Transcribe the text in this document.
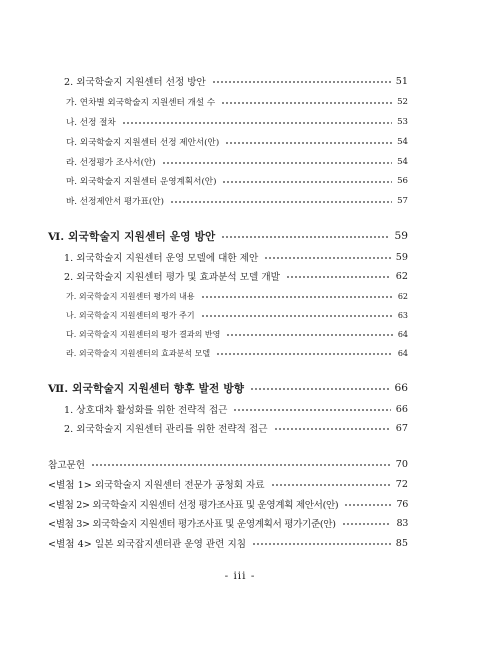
2. 외국학술지 지원센터 선정 방안	51
가. 연차별 외국학술지 지원센터 개설 수	52
나. 선정 절차	53
다. 외국학술지 지원센터 선정 제안서(안)	54
라. 선정평가 조사서(안)	54
마. 외국학술지 지원센터 운영계획서(안)	56
바. 선정제안서 평가표(안)	57
Ⅵ. 외국학술지 지원센터 운영 방안	59
1. 외국학술지 지원센터 운영 모델에 대한 제안	59
2. 외국학술지 지원센터 평가 및 효과분석 모델 개발	62
가. 외국학술지 지원센터 평가의 내용	62
나. 외국학술지 지원센터의 평가 주기	63
다. 외국학술지 지원센터의 평가 결과의 반영	64
라. 외국학술지 지원센터의 효과분석 모델	64
Ⅶ. 외국학술지 지원센터 향후 발전 방향	66
1. 상호대차 활성화를 위한 전략적 접근	66
2. 외국학술지 지원센터 관리를 위한 전략적 접근	67
참고문헌	70
<별첨 1> 외국학술지 지원센터 전문가 공청회 자료	72
<별첨 2> 외국학술지 지원센터 선정 평가조사표 및 운영계획 제안서(안)	76
<별첨 3> 외국학술지 지원센터 평가조사표 및 운영계획서 평가기준(안)	83
<별첨 4> 일본 외국잡지센터관 운영 관련 지침	85
- iii -
